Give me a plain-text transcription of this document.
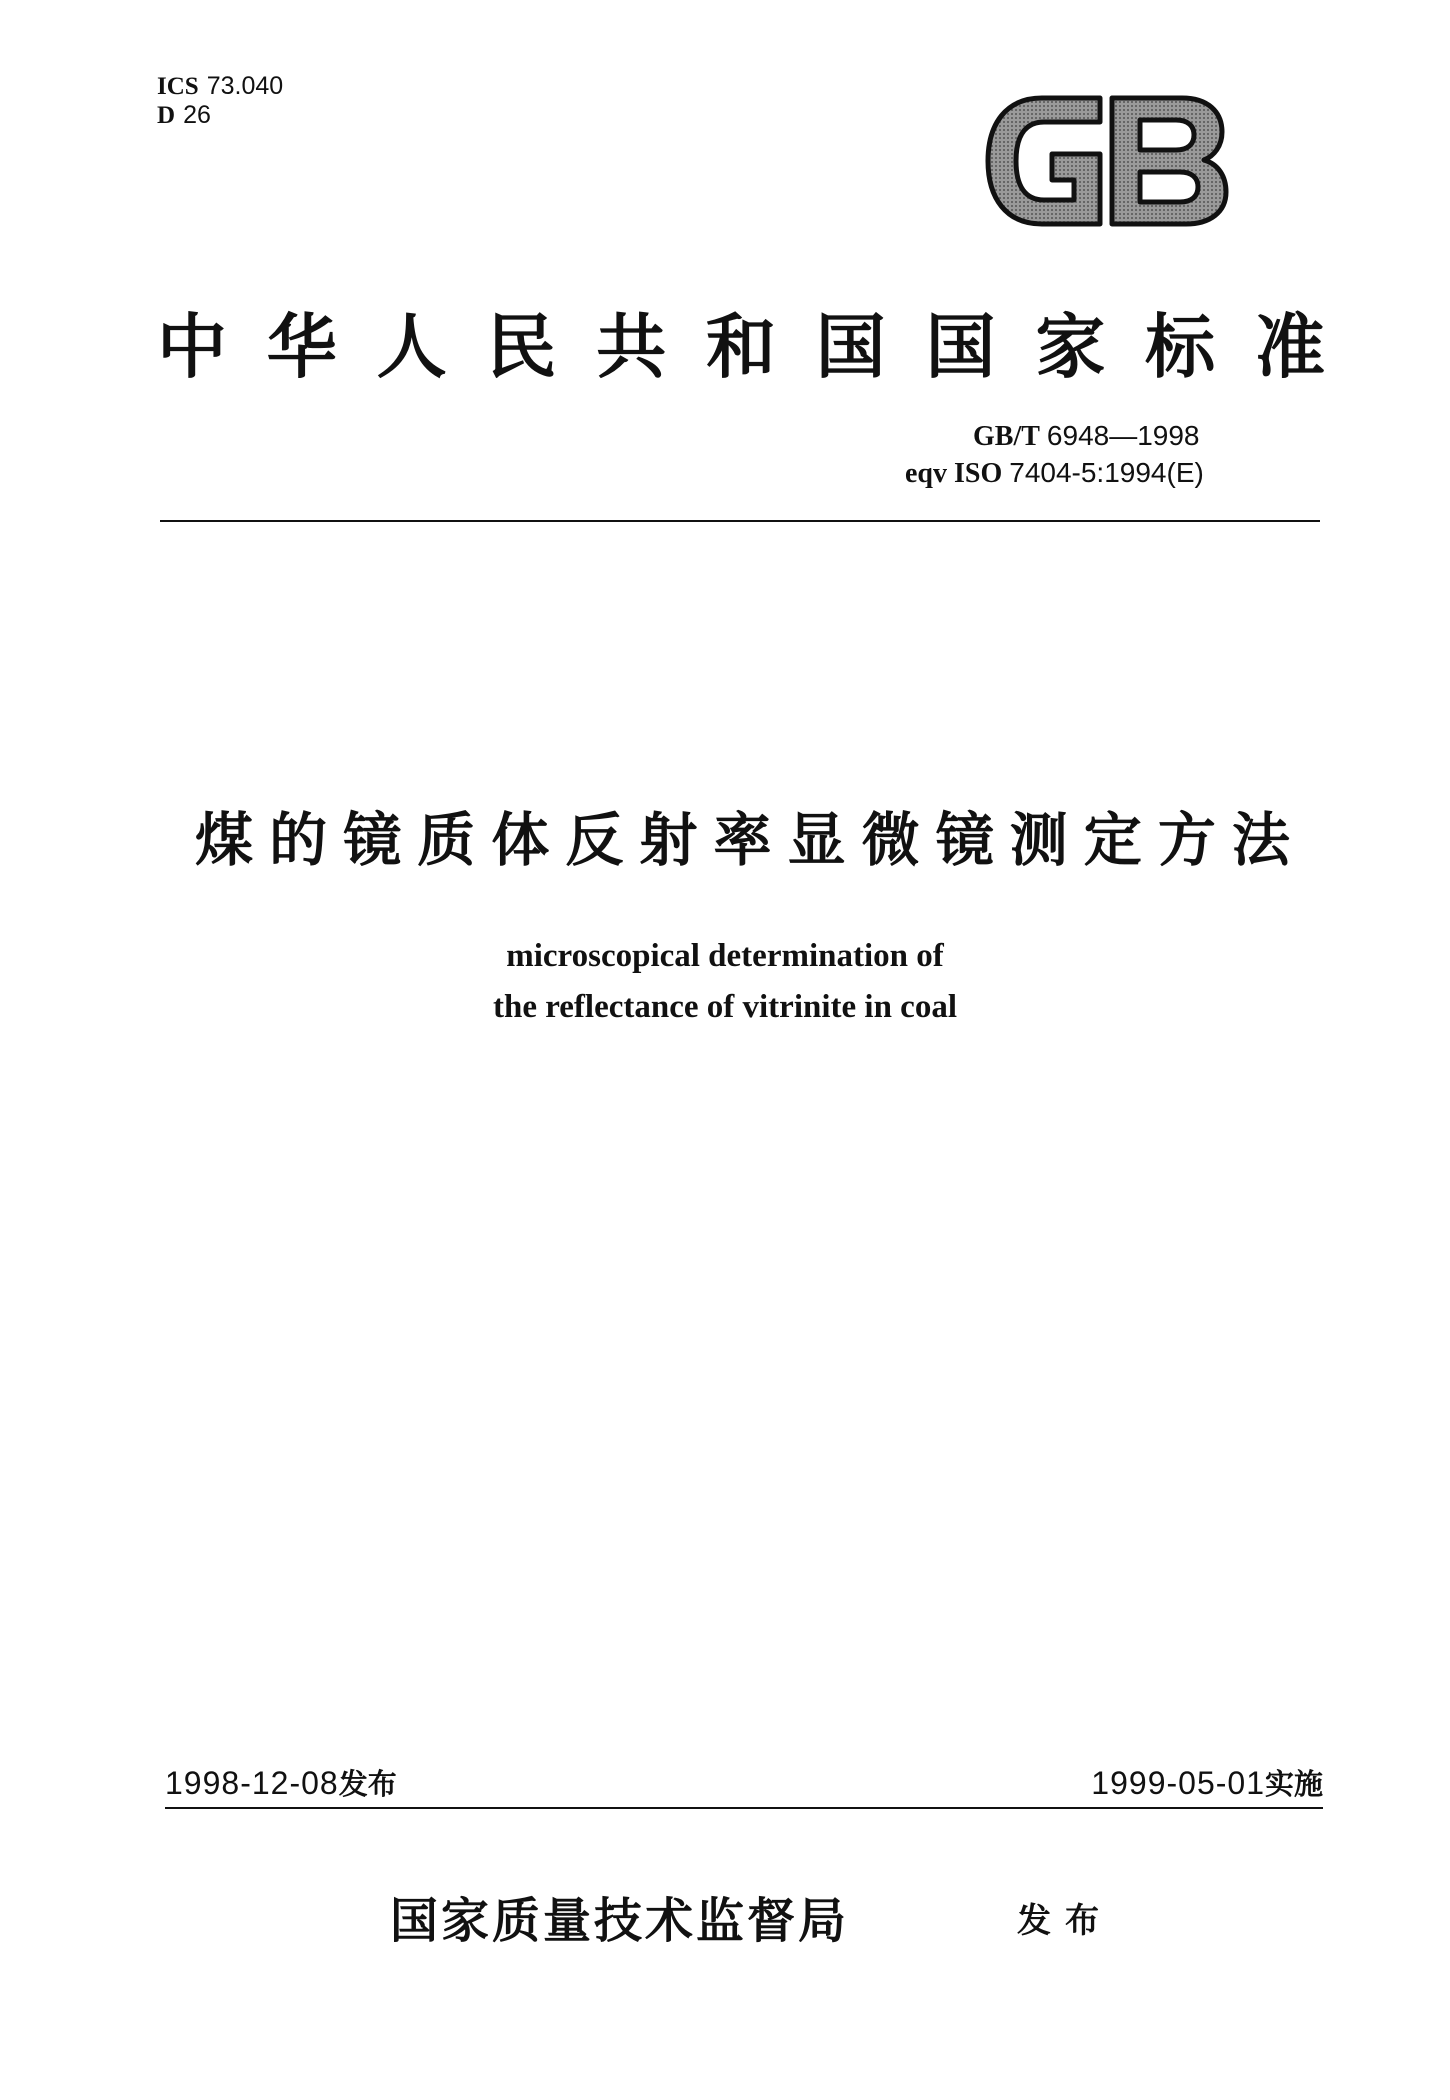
ICS 73.040
D 26
中 华 人 民 共 和 国 国 家 标 准
GB/T 6948—1998
eqv ISO 7404-5:1994(E)
煤 的 镜 质 体 反 射 率 显 微 镜 测 定 方 法
microscopical determination of
the reflectance of vitrinite in coal
1998-12-08发布	1999-05-01实施
国家质量技术监督局	发布
